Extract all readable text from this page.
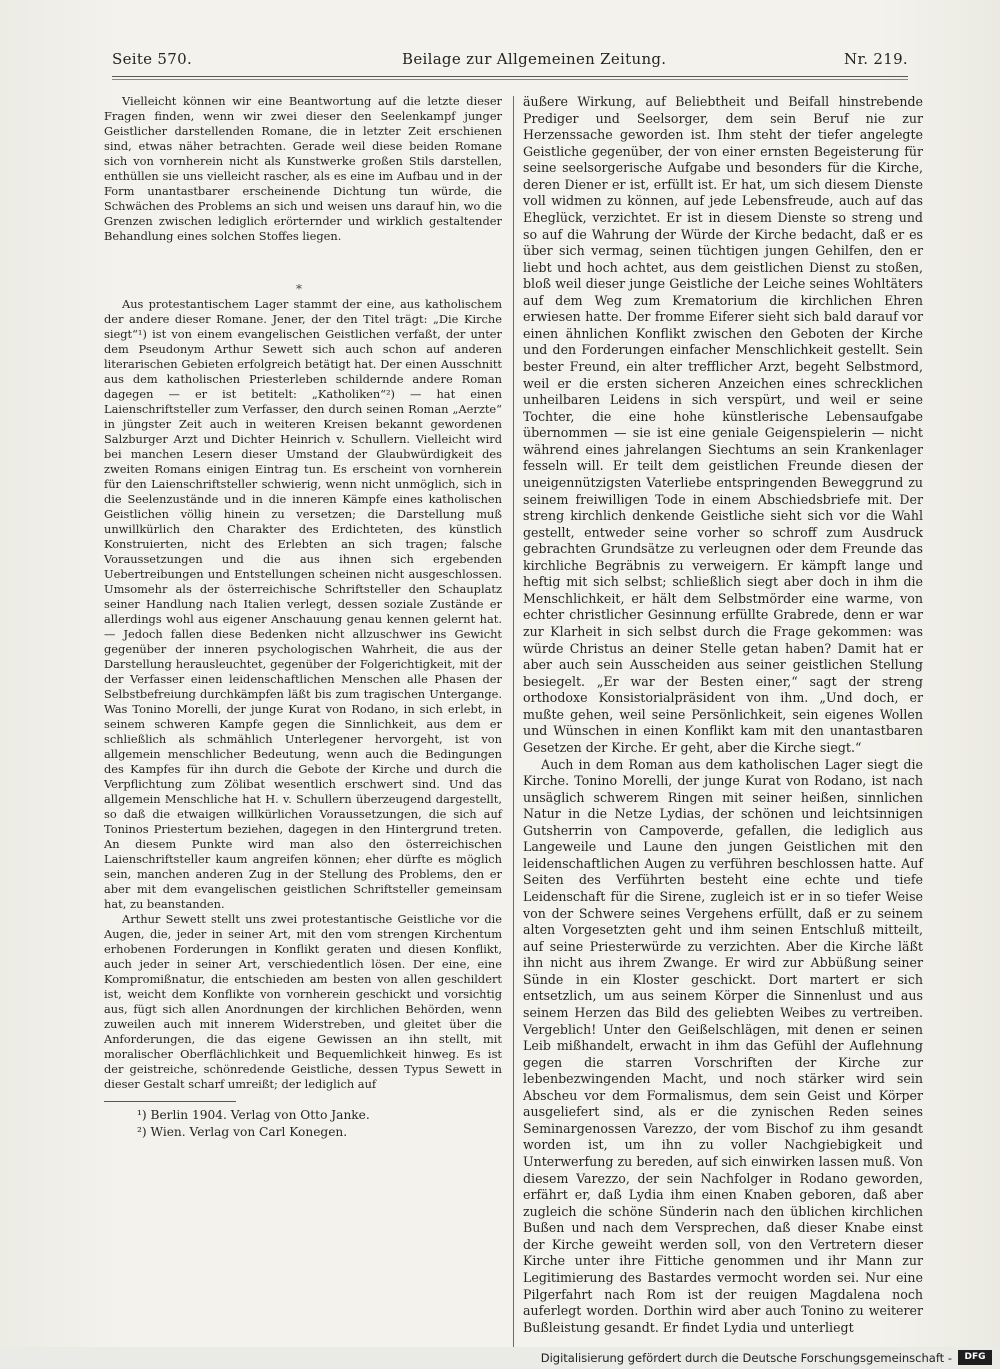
Seite 570.	Beilage zur Allgemeinen Zeitung.	Nr. 219.

Vielleicht können wir eine Beantwortung auf die letzte dieser Fragen finden, wenn wir zwei dieser den Seelenkampf junger Geistlicher darstellenden Romane, die in letzter Zeit erschienen sind, etwas näher betrachten. Gerade weil diese beiden Romane sich von vornherein nicht als Kunstwerke großen Stils darstellen, enthüllen sie uns vielleicht rascher, als es eine im Aufbau und in der Form unantastbarer erscheinende Dichtung tun würde, die Schwächen des Problems an sich und weisen uns darauf hin, wo die Grenzen zwischen lediglich erörternder und wirklich gestaltender Behandlung eines solchen Stoffes liegen.

Aus protestantischem Lager stammt der eine, aus katholischem der andere dieser Romane. Jener, der den Titel trägt: „Die Kirche siegt“¹) ist von einem evangelischen Geistlichen verfaßt, der unter dem Pseudonym Arthur Sewett sich auch schon auf anderen literarischen Gebieten erfolgreich betätigt hat. Der einen Ausschnitt aus dem katholischen Priesterleben schildernde andere Roman dagegen — er ist betitelt: „Katholiken“²) — hat einen Laienschriftsteller zum Verfasser, den durch seinen Roman „Aerzte“ in jüngster Zeit auch in weiteren Kreisen bekannt gewordenen Salzburger Arzt und Dichter Heinrich v. Schullern. Vielleicht wird bei manchen Lesern dieser Umstand der Glaubwürdigkeit des zweiten Romans einigen Eintrag tun. Es erscheint von vornherein für den Laienschriftsteller schwierig, wenn nicht unmöglich, sich in die Seelenzustände und in die inneren Kämpfe eines katholischen Geistlichen völlig hinein zu versetzen; die Darstellung muß unwillkürlich den Charakter des Erdichteten, des künstlich Konstruierten, nicht des Erlebten an sich tragen; falsche Voraussetzungen und die aus ihnen sich ergebenden Uebertreibungen und Entstellungen scheinen nicht ausgeschlossen. Umsomehr als der österreichische Schriftsteller den Schauplatz seiner Handlung nach Italien verlegt, dessen soziale Zustände er allerdings wohl aus eigener Anschauung genau kennen gelernt hat. — Jedoch fallen diese Bedenken nicht allzuschwer ins Gewicht gegenüber der inneren psychologischen Wahrheit, die aus der Darstellung herausleuchtet, gegenüber der Folgerichtigkeit, mit der der Verfasser einen leidenschaftlichen Menschen alle Phasen der Selbstbefreiung durchkämpfen läßt bis zum tragischen Untergange. Was Tonino Morelli, der junge Kurat von Rodano, in sich erlebt, in seinem schweren Kampfe gegen die Sinnlichkeit, aus dem er schließlich als schmählich Unterlegener hervorgeht, ist von allgemein menschlicher Bedeutung, wenn auch die Bedingungen des Kampfes für ihn durch die Gebote der Kirche und durch die Verpflichtung zum Zölibat wesentlich erschwert sind. Und das allgemein Menschliche hat H. v. Schullern überzeugend dargestellt, so daß die etwaigen willkürlichen Voraussetzungen, die sich auf Toninos Priestertum beziehen, dagegen in den Hintergrund treten. An diesem Punkte wird man also den österreichischen Laienschriftsteller kaum angreifen können; eher dürfte es möglich sein, manchen anderen Zug in der Stellung des Problems, den er aber mit dem evangelischen geistlichen Schriftsteller gemeinsam hat, zu beanstanden.

Arthur Sewett stellt uns zwei protestantische Geistliche vor die Augen, die, jeder in seiner Art, mit den vom strengen Kirchentum erhobenen Forderungen in Konflikt geraten und diesen Konflikt, auch jeder in seiner Art, verschiedentlich lösen. Der eine, eine Kompromißnatur, die entschieden am besten von allen geschildert ist, weicht dem Konflikte von vornherein geschickt und vorsichtig aus, fügt sich allen Anordnungen der kirchlichen Behörden, wenn zuweilen auch mit innerem Widerstreben, und gleitet über die Anforderungen, die das eigene Gewissen an ihn stellt, mit moralischer Oberflächlichkeit und Bequemlichkeit hinweg. Es ist der geistreiche, schönredende Geistliche, dessen Typus Sewett in dieser Gestalt scharf umreißt; der lediglich auf

*

äußere Wirkung, auf Beliebtheit und Beifall hinstrebende Prediger und Seelsorger, dem sein Beruf nie zur Herzenssache geworden ist. Ihm steht der tiefer angelegte Geistliche gegenüber, der von einer ernsten Begeisterung für seine seelsorgerische Aufgabe und besonders für die Kirche, deren Diener er ist, erfüllt ist. Er hat, um sich diesem Dienste voll widmen zu können, auf jede Lebensfreude, auch auf das Eheglück, verzichtet. Er ist in diesem Dienste so streng und so auf die Wahrung der Würde der Kirche bedacht, daß er es über sich vermag, seinen tüchtigen jungen Gehilfen, den er liebt und hoch achtet, aus dem geistlichen Dienst zu stoßen, bloß weil dieser junge Geistliche der Leiche seines Wohltäters auf dem Weg zum Krematorium die kirchlichen Ehren erwiesen hatte. Der fromme Eiferer sieht sich bald darauf vor einen ähnlichen Konflikt zwischen den Geboten der Kirche und den Forderungen einfacher Menschlichkeit gestellt. Sein bester Freund, ein alter trefflicher Arzt, begeht Selbstmord, weil er die ersten sicheren Anzeichen eines schrecklichen unheilbaren Leidens in sich verspürt, und weil er seine Tochter, die eine hohe künstlerische Lebensaufgabe übernommen — sie ist eine geniale Geigenspielerin — nicht während eines jahrelangen Siechtums an sein Krankenlager fesseln will. Er teilt dem geistlichen Freunde diesen der uneigennützigsten Vaterliebe entspringenden Beweggrund zu seinem freiwilligen Tode in einem Abschiedsbriefe mit. Der streng kirchlich denkende Geistliche sieht sich vor die Wahl gestellt, entweder seine vorher so schroff zum Ausdruck gebrachten Grundsätze zu verleugnen oder dem Freunde das kirchliche Begräbnis zu verweigern. Er kämpft lange und heftig mit sich selbst; schließlich siegt aber doch in ihm die Menschlichkeit, er hält dem Selbstmörder eine warme, von echter christlicher Gesinnung erfüllte Grabrede, denn er war zur Klarheit in sich selbst durch die Frage gekommen: was würde Christus an deiner Stelle getan haben? Damit hat er aber auch sein Ausscheiden aus seiner geistlichen Stellung besiegelt. „Er war der Besten einer,“ sagt der streng orthodoxe Konsistorialpräsident von ihm. „Und doch, er mußte gehen, weil seine Persönlichkeit, sein eigenes Wollen und Wünschen in einen Konflikt kam mit den unantastbaren Gesetzen der Kirche. Er geht, aber die Kirche siegt.“

Auch in dem Roman aus dem katholischen Lager siegt die Kirche. Tonino Morelli, der junge Kurat von Rodano, ist nach unsäglich schwerem Ringen mit seiner heißen, sinnlichen Natur in die Netze Lydias, der schönen und leichtsinnigen Gutsherrin von Campoverde, gefallen, die lediglich aus Langeweile und Laune den jungen Geistlichen mit den leidenschaftlichen Augen zu verführen beschlossen hatte. Auf Seiten des Verführten besteht eine echte und tiefe Leidenschaft für die Sirene, zugleich ist er in so tiefer Weise von der Schwere seines Vergehens erfüllt, daß er zu seinem alten Vorgesetzten geht und ihm seinen Entschluß mitteilt, auf seine Priesterwürde zu verzichten. Aber die Kirche läßt ihn nicht aus ihrem Zwange. Er wird zur Abbüßung seiner Sünde in ein Kloster geschickt. Dort martert er sich entsetzlich, um aus seinem Körper die Sinnenlust und aus seinem Herzen das Bild des geliebten Weibes zu vertreiben. Vergeblich! Unter den Geißelschlägen, mit denen er seinen Leib mißhandelt, erwacht in ihm das Gefühl der Auflehnung gegen die starren Vorschriften der Kirche zur lebenbezwingenden Macht, und noch stärker wird sein Abscheu vor dem Formalismus, dem sein Geist und Körper ausgeliefert sind, als er die zynischen Reden seines Seminargenossen Varezzo, der vom Bischof zu ihm gesandt worden ist, um ihn zu voller Nachgiebigkeit und Unterwerfung zu bereden, auf sich einwirken lassen muß. Von diesem Varezzo, der sein Nachfolger in Rodano geworden, erfährt er, daß Lydia ihm einen Knaben geboren, daß aber zugleich die schöne Sünderin nach den üblichen kirchlichen Bußen und nach dem Versprechen, daß dieser Knabe einst der Kirche geweiht werden soll, von den Vertretern dieser Kirche unter ihre Fittiche genommen und ihr Mann zur Legitimierung des Bastardes vermocht worden sei. Nur eine Pilgerfahrt nach Rom ist der reuigen Magdalena noch auferlegt worden. Dorthin wird aber auch Tonino zu weiterer Bußleistung gesandt. Er findet Lydia und unterliegt

¹) Berlin 1904. Verlag von Otto Janke.
²) Wien. Verlag von Carl Konegen.
Digitalisierung gefördert durch die Deutsche Forschungsgemeinschaft -	DFG
